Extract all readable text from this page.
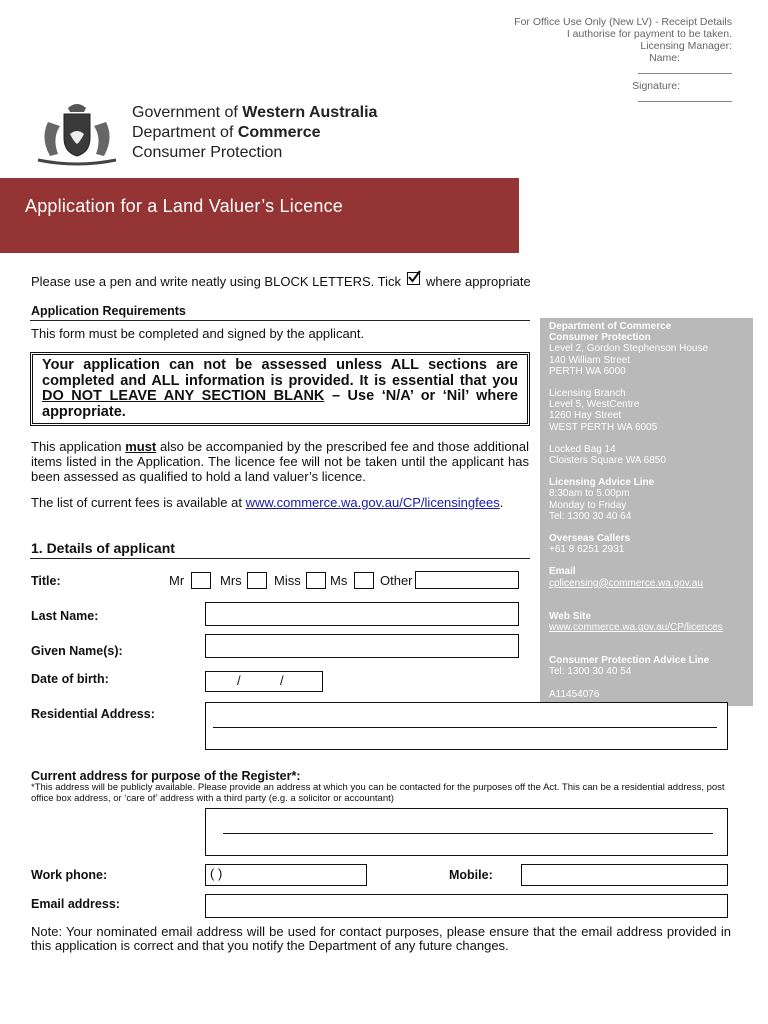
For Office Use Only (New LV) - Receipt Details
I authorise for payment to be taken.
Licensing Manager:
Name:
Signature:
Government of Western Australia
Department of Commerce
Consumer Protection
Application for a Land Valuer’s Licence
Please use a pen and write neatly using BLOCK LETTERS. Tick where appropriate
Application Requirements
This form must be completed and signed by the applicant.
Your application can not be assessed unless ALL sections are completed and ALL information is provided. It is essential that you DO NOT LEAVE ANY SECTION BLANK – Use ‘N/A’ or ‘Nil’ where appropriate.
This application must also be accompanied by the prescribed fee and those additional items listed in the Application. The licence fee will not be taken until the applicant has been assessed as qualified to hold a land valuer’s licence.
The list of current fees is available at www.commerce.wa.gov.au/CP/licensingfees.
Department of Commerce
Consumer Protection
Level 2, Gordon Stephenson House
140 William Street
PERTH WA 6000
Licensing Branch
Level 5, WestCentre
1260 Hay Street
WEST PERTH WA 6005
Locked Bag 14
Cloisters Square WA 6850
Licensing Advice Line
8:30am to 5.00pm
Monday to Friday
Tel: 1300 30 40 64
Overseas Callers
+61 8 6251 2931
Email
cplicensing@commerce.wa.gov.au
Web Site
www.commerce.wa.gov.au/CP/licences
Consumer Protection Advice Line
Tel: 1300 30 40 54
A11454076
1. Details of applicant
Title:	Mr	Mrs Miss Ms	Other
Last Name:
Given Name(s):
Date of birth:	/	/
Residential Address:
Current address for purpose of the Register*:
*This address will be publicly available. Please provide an address at which you can be contacted for the purposes off the Act. This can be a residential address, post office box address, or ‘care of’ address with a third party (e.g. a solicitor or accountant)
Work phone:	( )	Mobile:
Email address:
Note: Your nominated email address will be used for contact purposes, please ensure that the email address provided in this application is correct and that you notify the Department of any future changes.
